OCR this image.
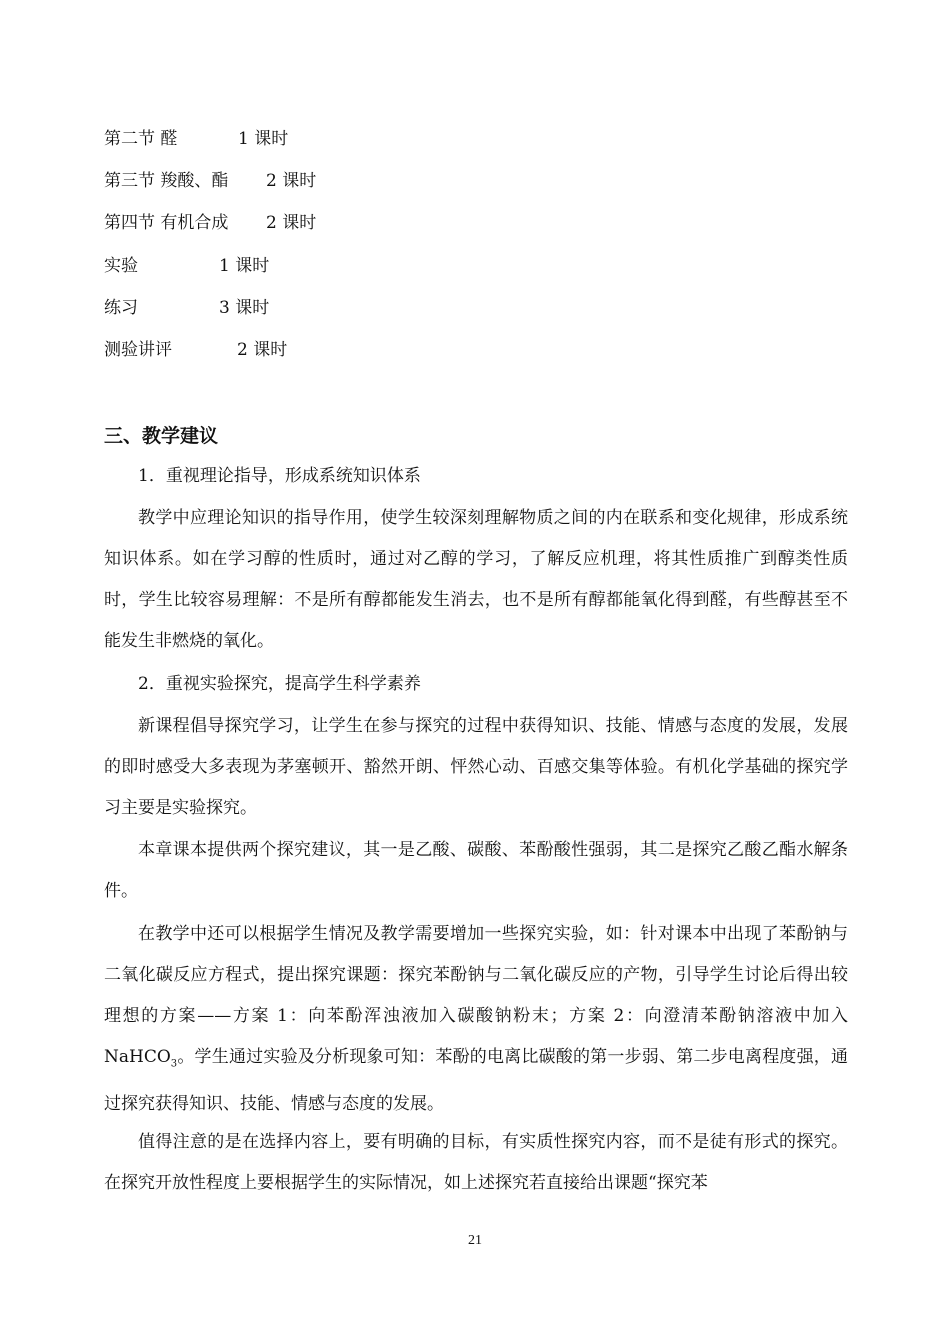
第二节 醛	1 课时
第三节 羧酸、酯 2 课时
第四节 有机合成 2 课时
实验	1 课时
练习	3 课时
测验讲评	2 课时
三、教学建议

1．重视理论指导，形成系统知识体系

教学中应理论知识的指导作用，使学生较深刻理解物质之间的内在联系和变化规律，形成系统知识体系。如在学习醇的性质时，通过对乙醇的学习，了解反应机理，将其性质推广到醇类性质时，学生比较容易理解：不是所有醇都能发生消去，也不是所有醇都能氧化得到醛，有些醇甚至不能发生非燃烧的氧化。

2．重视实验探究，提高学生科学素养

新课程倡导探究学习，让学生在参与探究的过程中获得知识、技能、情感与态度的发展，发展的即时感受大多表现为茅塞顿开、豁然开朗、怦然心动、百感交集等体验。有机化学基础的探究学习主要是实验探究。

本章课本提供两个探究建议，其一是乙酸、碳酸、苯酚酸性强弱，其二是探究乙酸乙酯水解条件。

在教学中还可以根据学生情况及教学需要增加一些探究实验，如：针对课本中出现了苯酚钠与二氧化碳反应方程式，提出探究课题：探究苯酚钠与二氧化碳反应的产物，引导学生讨论后得出较理想的方案——方案 1：向苯酚浑浊液加入碳酸钠粉末；方案 2：向澄清苯酚钠溶液中加入 NaHCO$_3$。学生通过实验及分析现象可知：苯酚的电离比碳酸的第一步弱、第二步电离程度强，通过探究获得知识、技能、情感与态度的发展。

值得注意的是在选择内容上，要有明确的目标，有实质性探究内容，而不是徒有形式的探究。在探究开放性程度上要根据学生的实际情况，如上述探究若直接给出课题“探究苯

21
